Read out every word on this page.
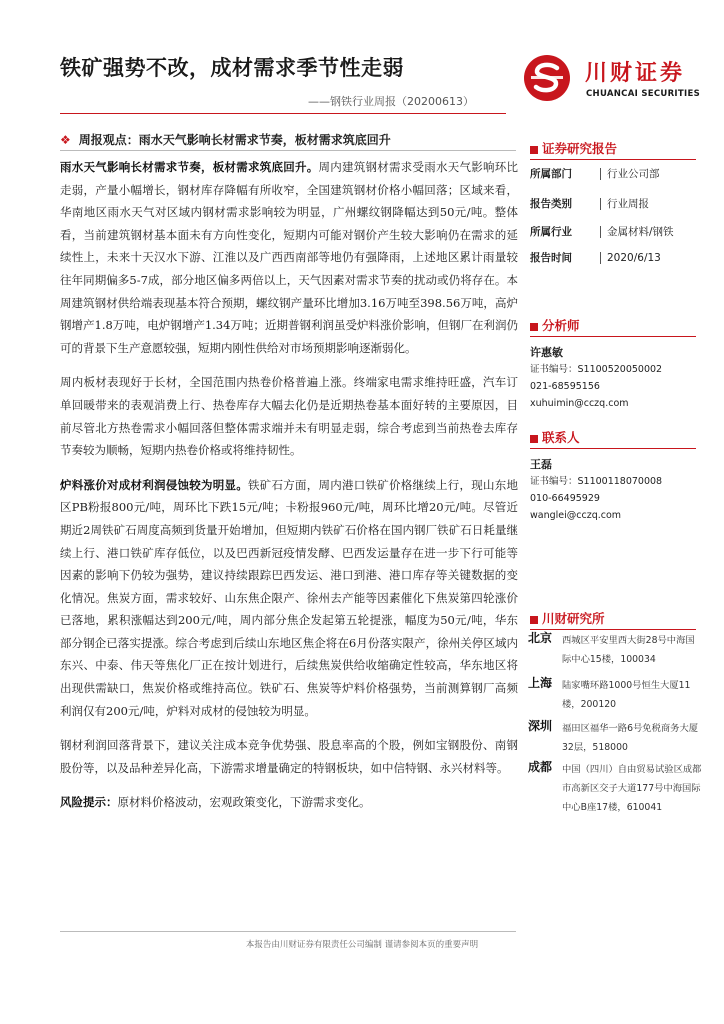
铁矿强势不改，成材需求季节性走弱
——钢铁行业周报（20200613）
川财证券
CHUANCAI SECURITIES
❖ 周报观点：雨水天气影响长材需求节奏，板材需求筑底回升

雨水天气影响长材需求节奏，板材需求筑底回升。周内建筑钢材需求受雨水天气影响环比走弱，产量小幅增长，钢材库存降幅有所收窄，全国建筑钢材价格小幅回落；区域来看，华南地区雨水天气对区域内钢材需求影响较为明显，广州螺纹钢降幅达到50元/吨。整体看，当前建筑钢材基本面未有方向性变化，短期内可能对钢价产生较大影响仍在需求的延续性上，未来十天汉水下游、江淮以及广西西南部等地仍有强降雨，上述地区累计雨量较往年同期偏多5-7成，部分地区偏多两倍以上，天气因素对需求节奏的扰动或仍将存在。本周建筑钢材供给端表现基本符合预期，螺纹钢产量环比增加3.16万吨至398.56万吨，高炉钢增产1.8万吨，电炉钢增产1.34万吨；近期普钢利润虽受炉料涨价影响，但钢厂在利润仍可的背景下生产意愿较强，短期内刚性供给对市场预期影响逐渐弱化。

周内板材表现好于长材，全国范围内热卷价格普遍上涨。终端家电需求维持旺盛，汽车订单回暖带来的表观消费上行、热卷库存大幅去化仍是近期热卷基本面好转的主要原因，目前尽管北方热卷需求小幅回落但整体需求端并未有明显走弱，综合考虑到当前热卷去库存节奏较为顺畅，短期内热卷价格或将维持韧性。

炉料涨价对成材利润侵蚀较为明显。铁矿石方面，周内港口铁矿价格继续上行，现山东地区PB粉报800元/吨，周环比下跌15元/吨；卡粉报960元/吨，周环比增20元/吨。尽管近期近2周铁矿石周度高频到货量开始增加，但短期内铁矿石价格在国内钢厂铁矿石日耗量继续上行、港口铁矿库存低位，以及巴西新冠疫情发酵、巴西发运量存在进一步下行可能等因素的影响下仍较为强势，建议持续跟踪巴西发运、港口到港、港口库存等关键数据的变化情况。焦炭方面，需求较好、山东焦企限产、徐州去产能等因素催化下焦炭第四轮涨价已落地，累积涨幅达到200元/吨，周内部分焦企发起第五轮提涨，幅度为50元/吨，华东部分钢企已落实提涨。综合考虑到后续山东地区焦企将在6月份落实限产，徐州关停区域内东兴、中泰、伟天等焦化厂正在按计划进行，后续焦炭供给收缩确定性较高，华东地区将出现供需缺口，焦炭价格或维持高位。铁矿石、焦炭等炉料价格强势，当前测算钢厂高频利润仅有200元/吨，炉料对成材的侵蚀较为明显。

钢材利润回落背景下，建议关注成本竞争优势强、股息率高的个股，例如宝钢股份、南钢股份等，以及品种差异化高，下游需求增量确定的特钢板块，如中信特钢、永兴材料等。

风险提示：原材料价格波动，宏观政策变化，下游需求变化。

本报告由川财证券有限责任公司编制 谨请参阅本页的重要声明
证券研究报告
所属部门	行业公司部
报告类别	行业周报
所属行业	金属材料/钢铁
报告时间	2020/6/13
分析师
许惠敏
证书编号：S1100520050002
021-68595156
xuhuimin@cczq.com
联系人
王磊
证书编号：S1100118070008
010-66495929
wanglei@cczq.com
川财研究所
北京 西城区平安里西大街28号中海国际中心15楼，100034
上海 陆家嘴环路1000号恒生大厦11楼，200120
深圳 福田区福华一路6号免税商务大厦32层，518000
成都 中国（四川）自由贸易试验区成都市高新区交子大道177号中海国际中心B座17楼，610041
